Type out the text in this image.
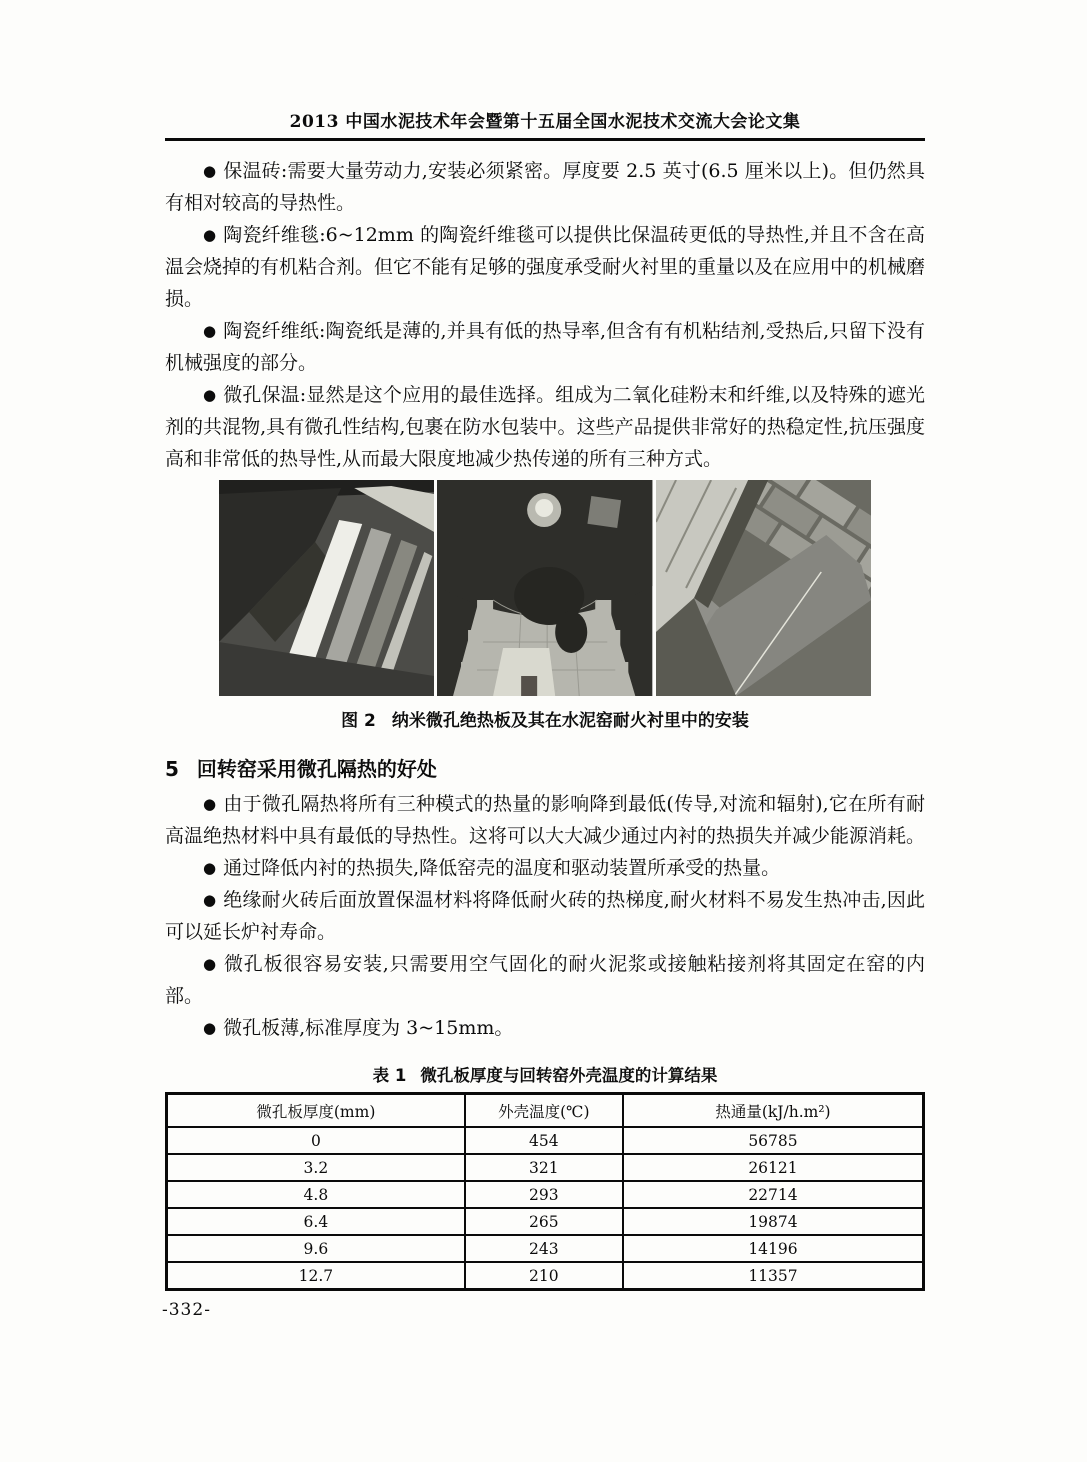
2013 中国水泥技术年会暨第十五届全国水泥技术交流大会论文集

● 保温砖:需要大量劳动力,安装必须紧密。厚度要 2.5 英寸(6.5 厘米以上)。但仍然具有相对较高的导热性。

● 陶瓷纤维毯:6~12mm 的陶瓷纤维毯可以提供比保温砖更低的导热性,并且不含在高温会烧掉的有机粘合剂。但它不能有足够的强度承受耐火衬里的重量以及在应用中的机械磨损。

● 陶瓷纤维纸:陶瓷纸是薄的,并具有低的热导率,但含有有机粘结剂,受热后,只留下没有机械强度的部分。

● 微孔保温:显然是这个应用的最佳选择。组成为二氧化硅粉末和纤维,以及特殊的遮光剂的共混物,具有微孔性结构,包裹在防水包装中。这些产品提供非常好的热稳定性,抗压强度高和非常低的热导性,从而最大限度地减少热传递的所有三种方式。

图 2 纳米微孔绝热板及其在水泥窑耐火衬里中的安装
5 回转窑采用微孔隔热的好处

● 由于微孔隔热将所有三种模式的热量的影响降到最低(传导,对流和辐射),它在所有耐高温绝热材料中具有最低的导热性。这将可以大大减少通过内衬的热损失并减少能源消耗。

● 通过降低内衬的热损失,降低窑壳的温度和驱动装置所承受的热量。

● 绝缘耐火砖后面放置保温材料将降低耐火砖的热梯度,耐火材料不易发生热冲击,因此可以延长炉衬寿命。

● 微孔板很容易安装,只需要用空气固化的耐火泥浆或接触粘接剂将其固定在窑的内部。

● 微孔板薄,标准厚度为 3~15mm。

表 1 微孔板厚度与回转窑外壳温度的计算结果
微孔板厚度(mm)	外壳温度(℃)	热通量(kJ/h.m²)
0	454	56785
3.2	321	26121
4.8	293	22714
6.4	265	19874
9.6	243	14196
12.7	210	11357
-332-
